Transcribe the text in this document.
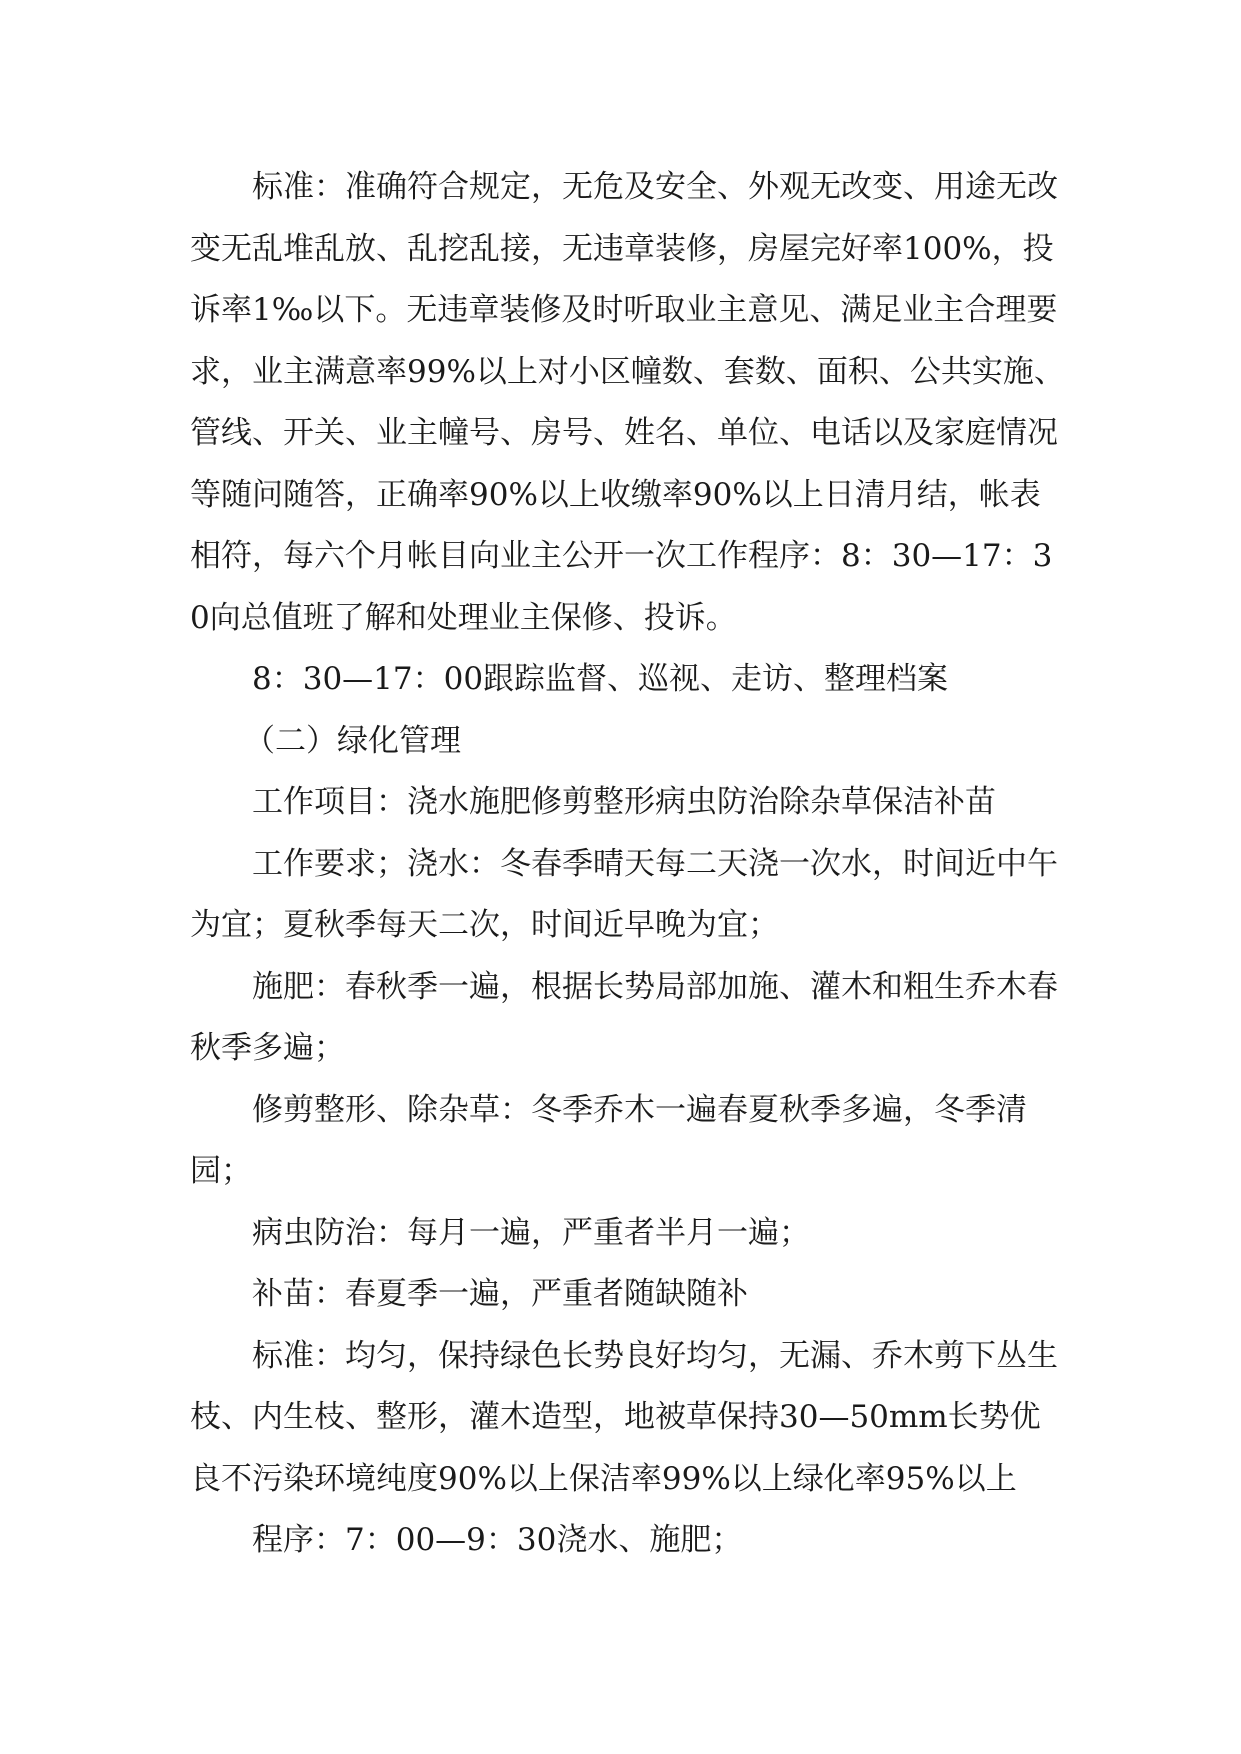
标准：准确符合规定，无危及安全、外观无改变、用途无改变无乱堆乱放、乱挖乱接，无违章装修，房屋完好率100%，投诉率1‰以下。无违章装修及时听取业主意见、满足业主合理要求，业主满意率99%以上对小区幢数、套数、面积、公共实施、管线、开关、业主幢号、房号、姓名、单位、电话以及家庭情况等随问随答，正确率90%以上收缴率90%以上日清月结，帐表相符，每六个月帐目向业主公开一次工作程序：8：30—17：30向总值班了解和处理业主保修、投诉。

8：30—17：00跟踪监督、巡视、走访、整理档案

（二）绿化管理

工作项目：浇水施肥修剪整形病虫防治除杂草保洁补苗

工作要求；浇水：冬春季晴天每二天浇一次水，时间近中午为宜；夏秋季每天二次，时间近早晚为宜；

施肥：春秋季一遍，根据长势局部加施、灌木和粗生乔木春秋季多遍；

修剪整形、除杂草：冬季乔木一遍春夏秋季多遍，冬季清园；

病虫防治：每月一遍，严重者半月一遍；

补苗：春夏季一遍，严重者随缺随补

标准：均匀，保持绿色长势良好均匀，无漏、乔木剪下丛生枝、内生枝、整形，灌木造型，地被草保持30—50mm长势优良不污染环境纯度90%以上保洁率99%以上绿化率95%以上

程序：7：00—9：30浇水、施肥；
